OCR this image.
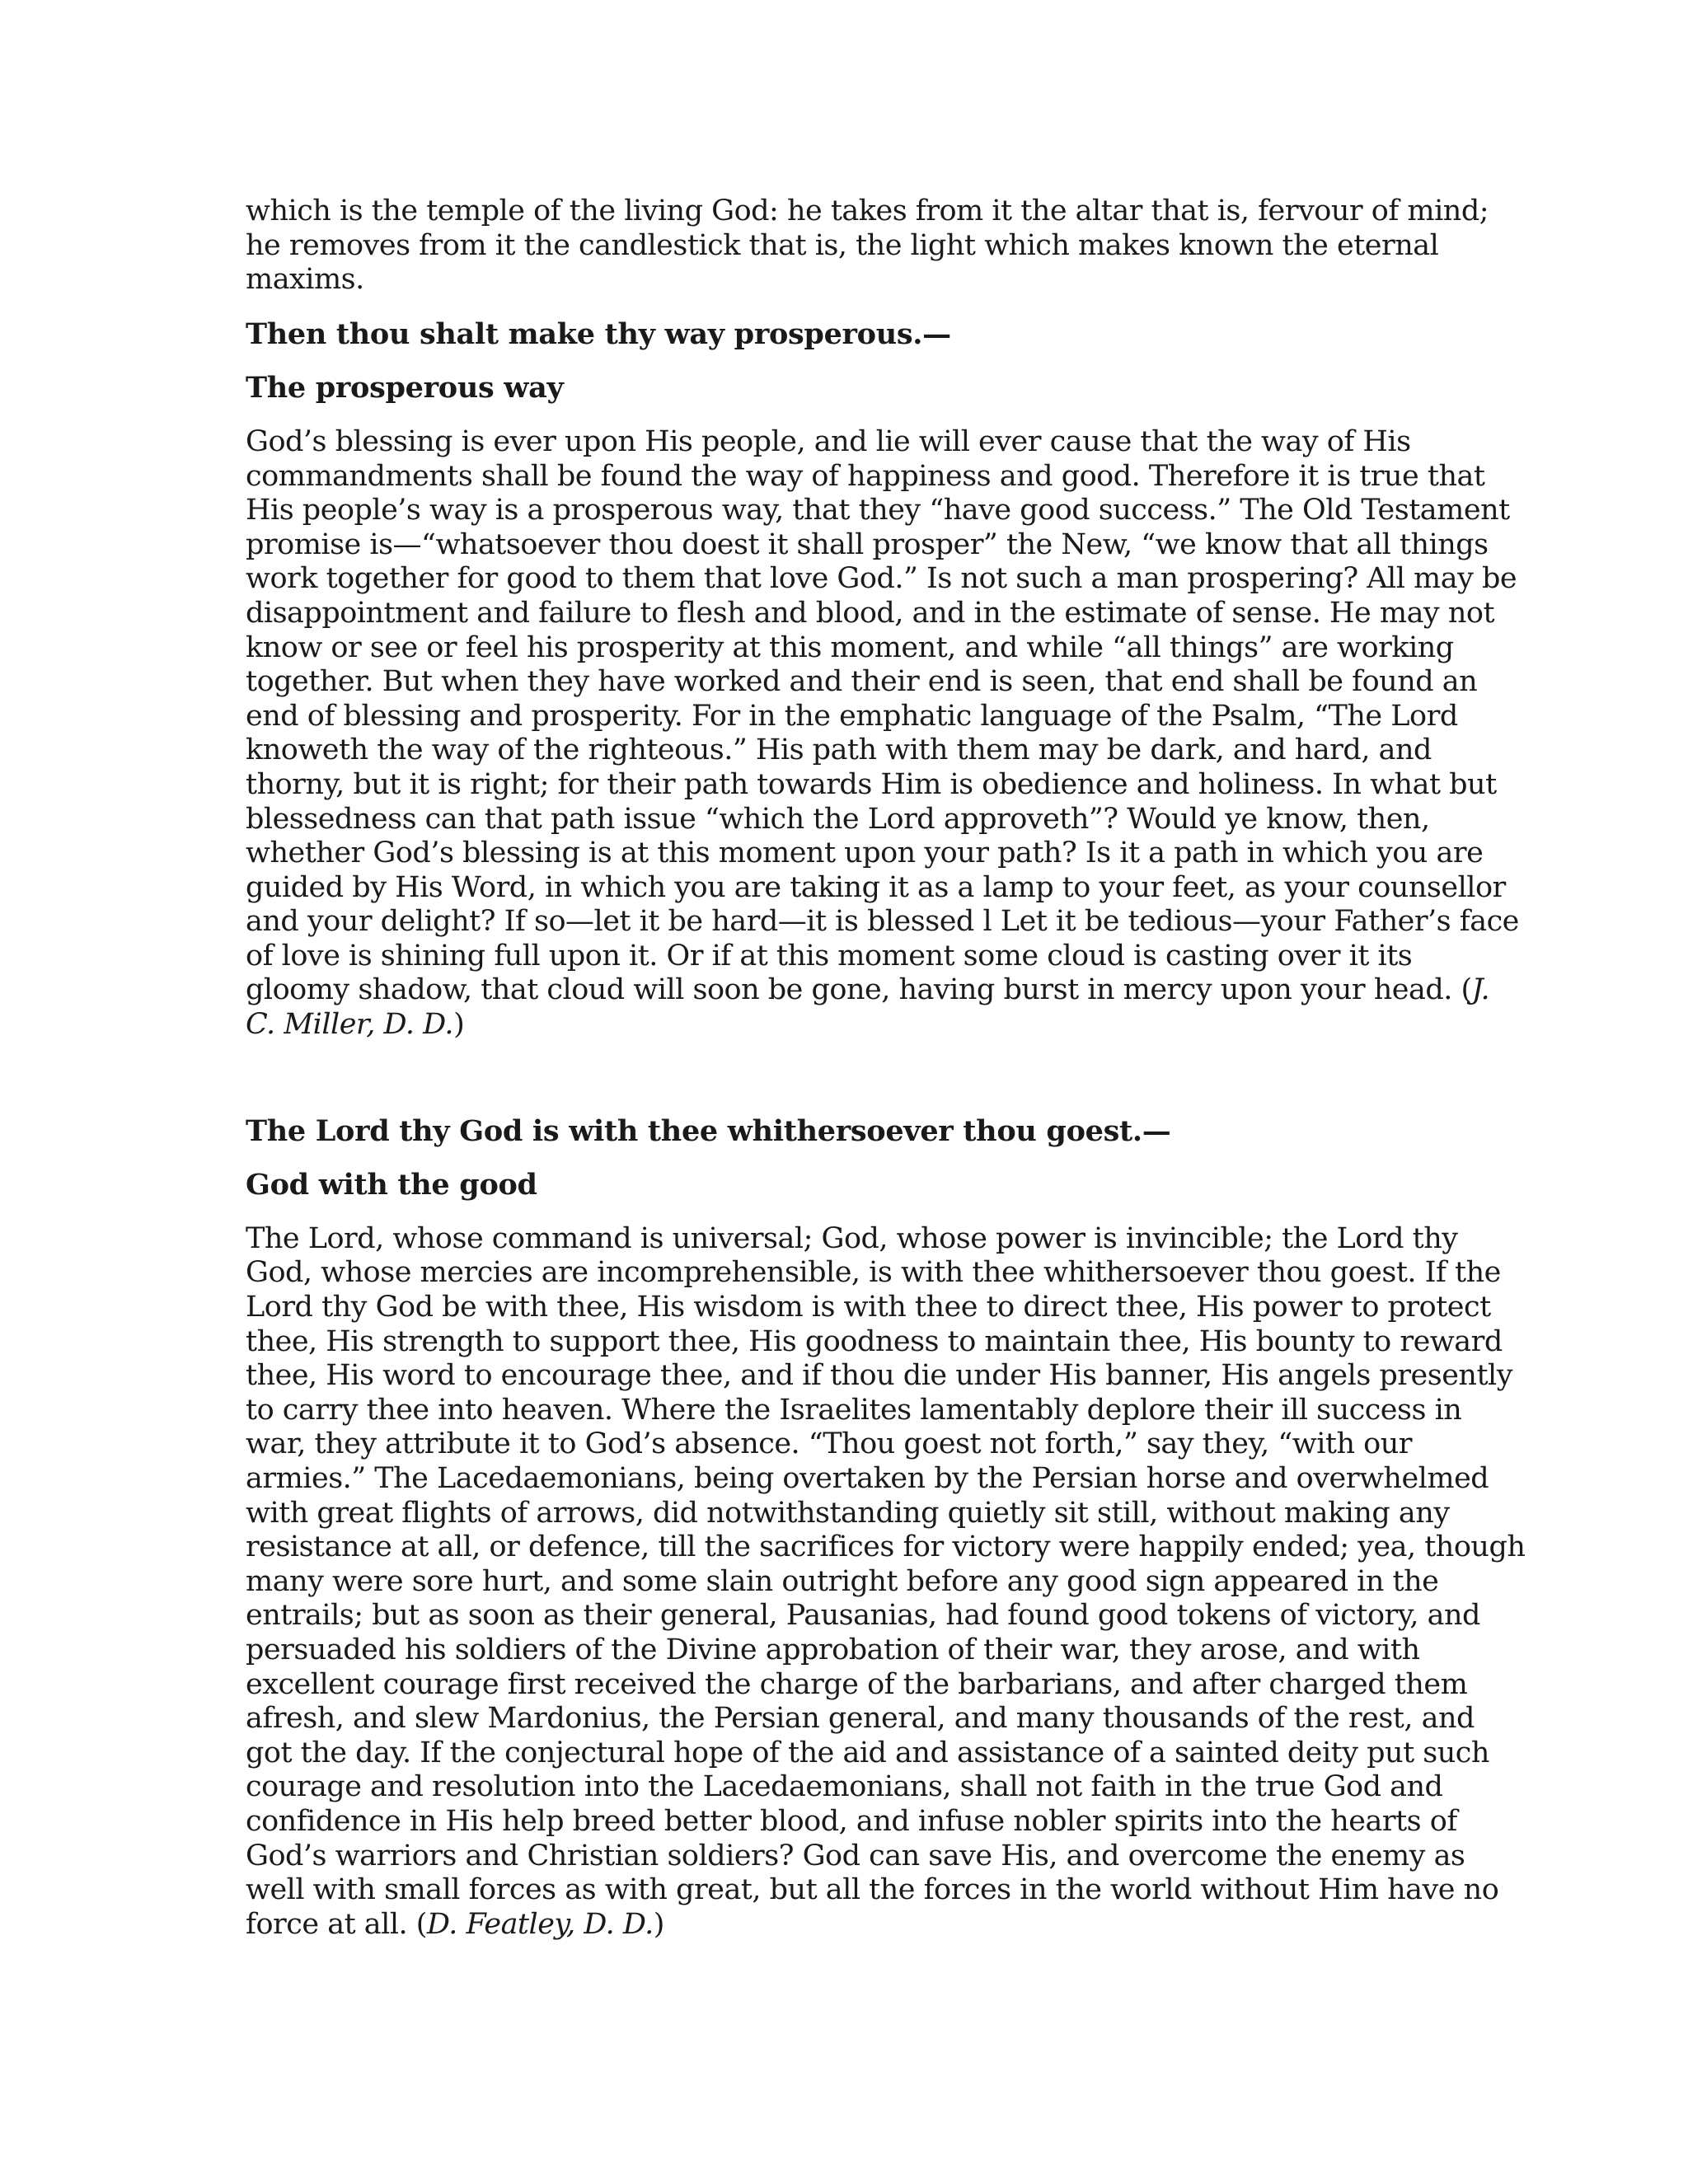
which is the temple of the living God: he takes from it the altar that is, fervour of mind;
he removes from it the candlestick that is, the light which makes known the eternal
maxims.
Then thou shalt make thy way prosperous.—
The prosperous way
God’s blessing is ever upon His people, and lie will ever cause that the way of His
commandments shall be found the way of happiness and good. Therefore it is true that
His people’s way is a prosperous way, that they “have good success.” The Old Testament
promise is—“whatsoever thou doest it shall prosper” the New, “we know that all things
work together for good to them that love God.” Is not such a man prospering? All may be
disappointment and failure to flesh and blood, and in the estimate of sense. He may not
know or see or feel his prosperity at this moment, and while “all things” are working
together. But when they have worked and their end is seen, that end shall be found an
end of blessing and prosperity. For in the emphatic language of the Psalm, “The Lord
knoweth the way of the righteous.” His path with them may be dark, and hard, and
thorny, but it is right; for their path towards Him is obedience and holiness. In what but
blessedness can that path issue “which the Lord approveth”? Would ye know, then,
whether God’s blessing is at this moment upon your path? Is it a path in which you are
guided by His Word, in which you are taking it as a lamp to your feet, as your counsellor
and your delight? If so—let it be hard—it is blessed l Let it be tedious—your Father’s face
of love is shining full upon it. Or if at this moment some cloud is casting over it its
gloomy shadow, that cloud will soon be gone, having burst in mercy upon your head. (J.
C. Miller, D. D.)
The Lord thy God is with thee whithersoever thou goest.—
God with the good
The Lord, whose command is universal; God, whose power is invincible; the Lord thy
God, whose mercies are incomprehensible, is with thee whithersoever thou goest. If the
Lord thy God be with thee, His wisdom is with thee to direct thee, His power to protect
thee, His strength to support thee, His goodness to maintain thee, His bounty to reward
thee, His word to encourage thee, and if thou die under His banner, His angels presently
to carry thee into heaven. Where the Israelites lamentably deplore their ill success in
war, they attribute it to God’s absence. “Thou goest not forth,” say they, “with our
armies.” The Lacedaemonians, being overtaken by the Persian horse and overwhelmed
with great flights of arrows, did notwithstanding quietly sit still, without making any
resistance at all, or defence, till the sacrifices for victory were happily ended; yea, though
many were sore hurt, and some slain outright before any good sign appeared in the
entrails; but as soon as their general, Pausanias, had found good tokens of victory, and
persuaded his soldiers of the Divine approbation of their war, they arose, and with
excellent courage first received the charge of the barbarians, and after charged them
afresh, and slew Mardonius, the Persian general, and many thousands of the rest, and
got the day. If the conjectural hope of the aid and assistance of a sainted deity put such
courage and resolution into the Lacedaemonians, shall not faith in the true God and
confidence in His help breed better blood, and infuse nobler spirits into the hearts of
God’s warriors and Christian soldiers? God can save His, and overcome the enemy as
well with small forces as with great, but all the forces in the world without Him have no
force at all. (D. Featley, D. D.)
